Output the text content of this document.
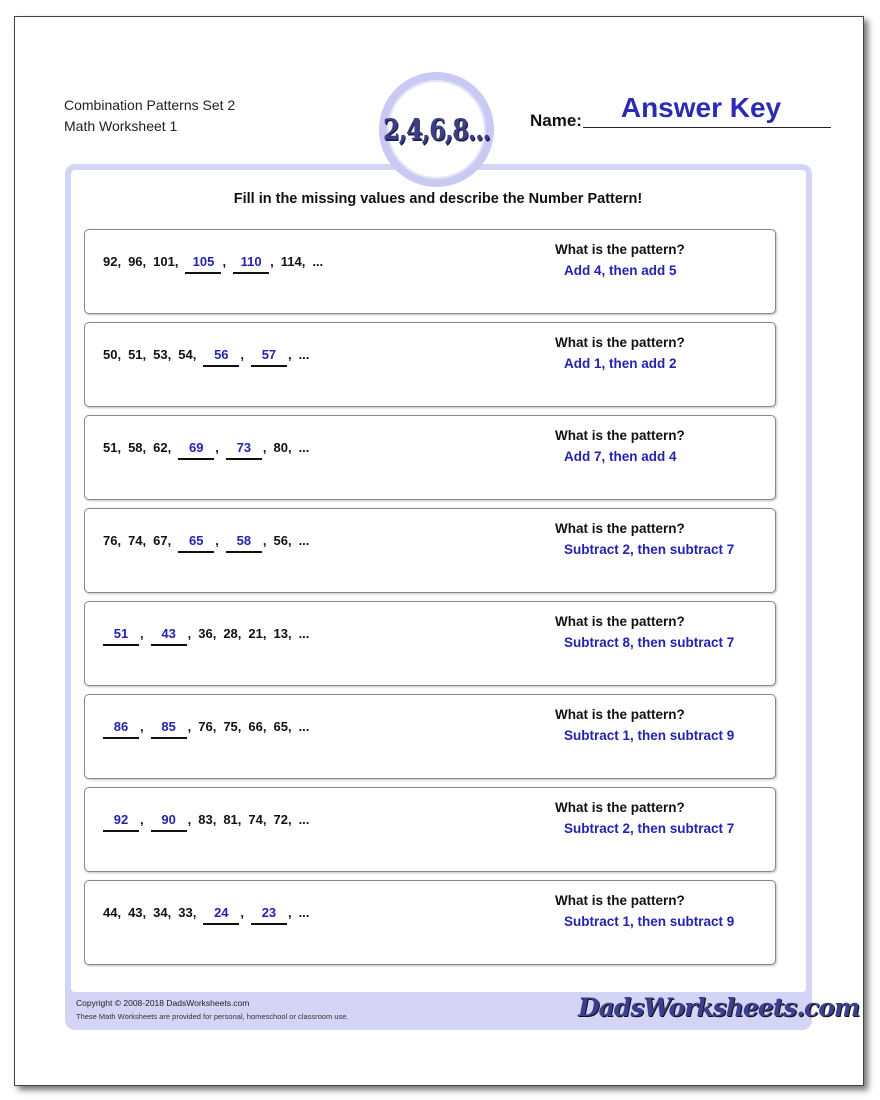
Combination Patterns Set 2
Math Worksheet 1	2,4,6,8... Name:	Answer Key
Fill in the missing values and describe the Number Pattern!
92, 96, 101,	105 ,	110 , 114, ...
What is the pattern?
Add 4, then add 5
50, 51, 53, 54,	56 ,	57 , ...
What is the pattern?
Add 1, then add 2
51, 58, 62,	69 ,	73 , 80, ...
What is the pattern?
Add 7, then add 4
76, 74, 67,	65 ,	58 , 56, ...
What is the pattern?
Subtract 2, then subtract 7
51 ,	43 , 36, 28, 21, 13, ...
What is the pattern?
Subtract 8, then subtract 7
86 ,	85 , 76, 75, 66, 65, ...
What is the pattern?
Subtract 1, then subtract 9
92 ,	90 , 83, 81, 74, 72, ...
What is the pattern?
Subtract 2, then subtract 7
44, 43, 34, 33,	24 ,	23 , ...
What is the pattern?
Subtract 1, then subtract 9
Copyright © 2008-2018 DadsWorksheets.com
These Math Worksheets are provided for personal, homeschool or classroom use.	DadsWorksheets.com
